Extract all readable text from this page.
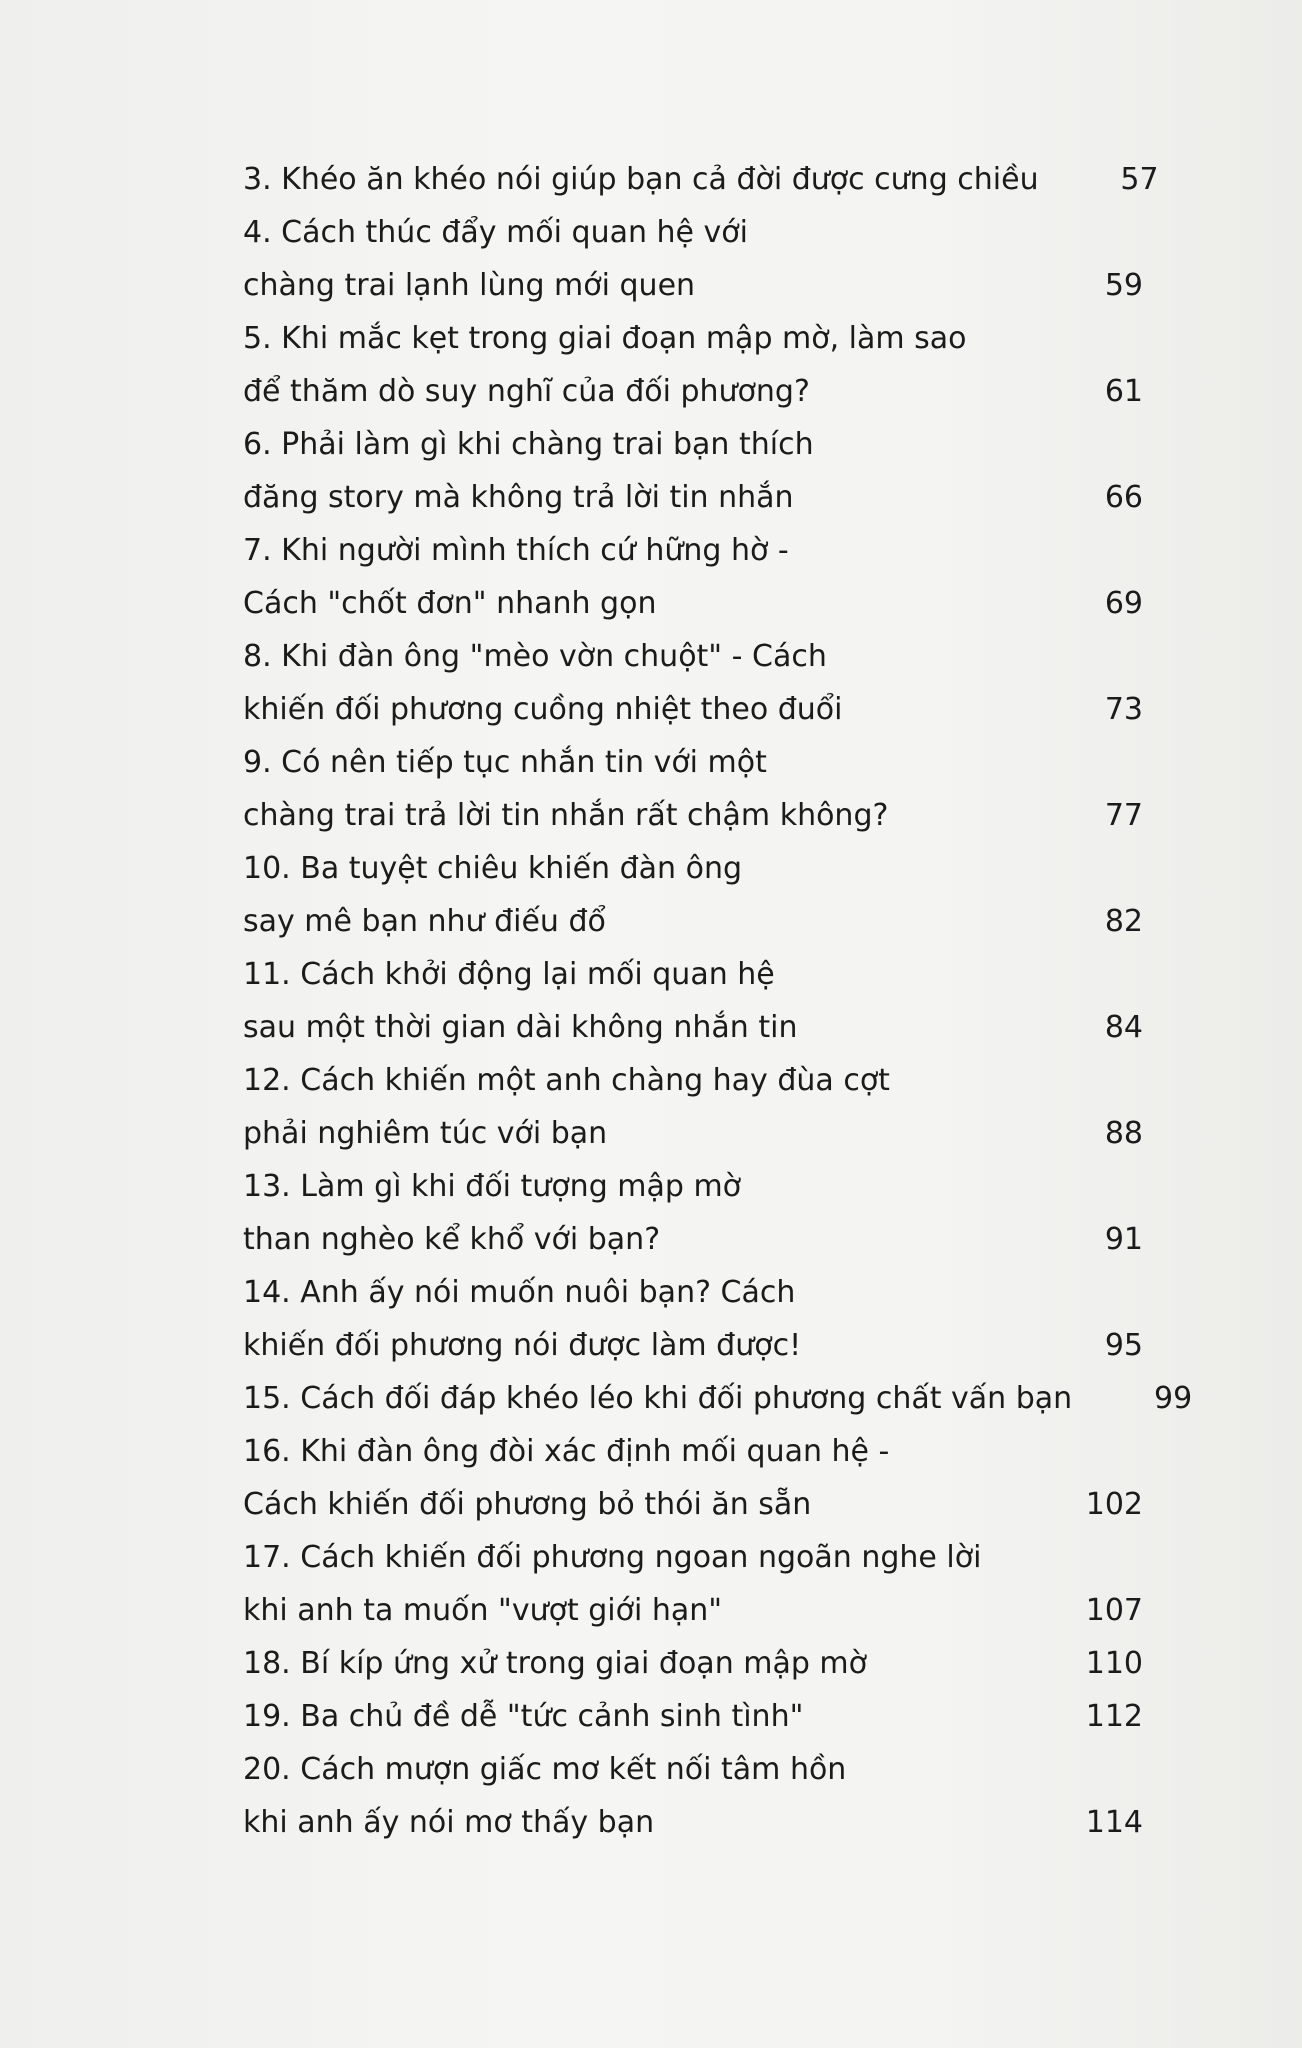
3. Khéo ăn khéo nói giúp bạn cả đời được cưng chiều	57
4. Cách thúc đẩy mối quan hệ với
chàng trai lạnh lùng mới quen	59
5. Khi mắc kẹt trong giai đoạn mập mờ, làm sao
để thăm dò suy nghĩ của đối phương?	61
6. Phải làm gì khi chàng trai bạn thích
đăng story mà không trả lời tin nhắn	66
7. Khi người mình thích cứ hững hờ -
Cách "chốt đơn" nhanh gọn	69
8. Khi đàn ông "mèo vờn chuột" - Cách
khiến đối phương cuồng nhiệt theo đuổi	73
9. Có nên tiếp tục nhắn tin với một
chàng trai trả lời tin nhắn rất chậm không?	77
10. Ba tuyệt chiêu khiến đàn ông
say mê bạn như điếu đổ	82
11. Cách khởi động lại mối quan hệ
sau một thời gian dài không nhắn tin	84
12. Cách khiến một anh chàng hay đùa cợt
phải nghiêm túc với bạn	88
13. Làm gì khi đối tượng mập mờ
than nghèo kể khổ với bạn?	91
14. Anh ấy nói muốn nuôi bạn? Cách
khiến đối phương nói được làm được!	95
15. Cách đối đáp khéo léo khi đối phương chất vấn bạn	99
16. Khi đàn ông đòi xác định mối quan hệ -
Cách khiến đối phương bỏ thói ăn sẵn	102
17. Cách khiến đối phương ngoan ngoãn nghe lời
khi anh ta muốn "vượt giới hạn"	107
18. Bí kíp ứng xử trong giai đoạn mập mờ	110
19. Ba chủ đề dễ "tức cảnh sinh tình"	112
20. Cách mượn giấc mơ kết nối tâm hồn
khi anh ấy nói mơ thấy bạn	114
